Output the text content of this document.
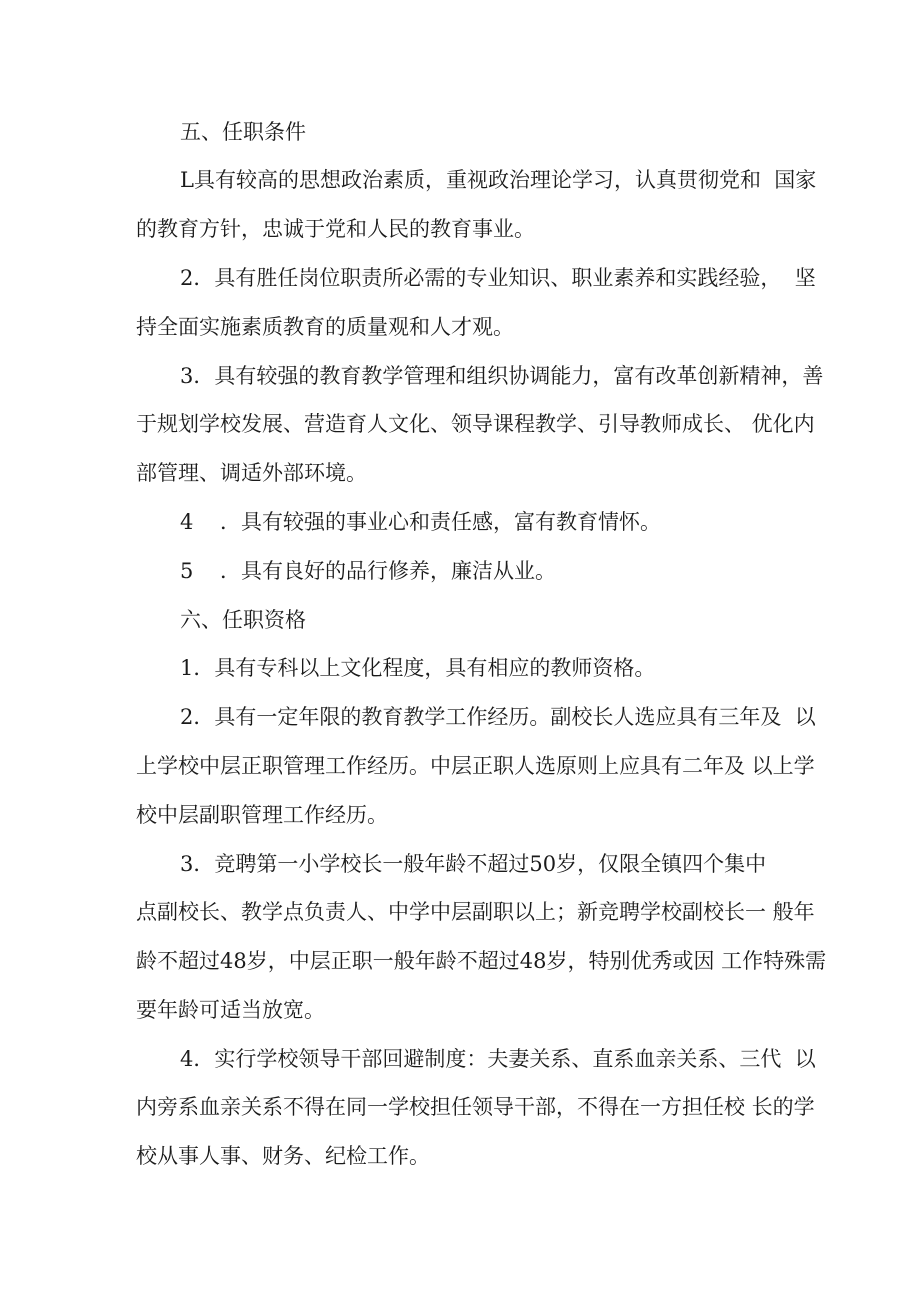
五、任职条件

L具有较高的思想政治素质，重视政治理论学习，认真贯彻党和  国家

的教育方针，忠诚于党和人民的教育事业。

2．具有胜任岗位职责所必需的专业知识、职业素养和实践经验，  坚

持全面实施素质教育的质量观和人才观。

3．具有较强的教育教学管理和组织协调能力，富有改革创新精神，善

于规划学校发展、营造育人文化、领导课程教学、引导教师成长、 优化内

部管理、调适外部环境。

4    ．具有较强的事业心和责任感，富有教育情怀。

5    ．具有良好的品行修养，廉洁从业。

六、任职资格

1．具有专科以上文化程度，具有相应的教师资格。

2．具有一定年限的教育教学工作经历。副校长人选应具有三年及  以

上学校中层正职管理工作经历。中层正职人选原则上应具有二年及 以上学

校中层副职管理工作经历。

3．竞聘第一小学校长一般年龄不超过50岁，仅限全镇四个集中

点副校长、教学点负责人、中学中层副职以上；新竞聘学校副校长一 般年

龄不超过48岁，中层正职一般年龄不超过48岁，特别优秀或因 工作特殊需

要年龄可适当放宽。

4．实行学校领导干部回避制度：夫妻关系、直系血亲关系、三代  以

内旁系血亲关系不得在同一学校担任领导干部，不得在一方担任校 长的学

校从事人事、财务、纪检工作。
